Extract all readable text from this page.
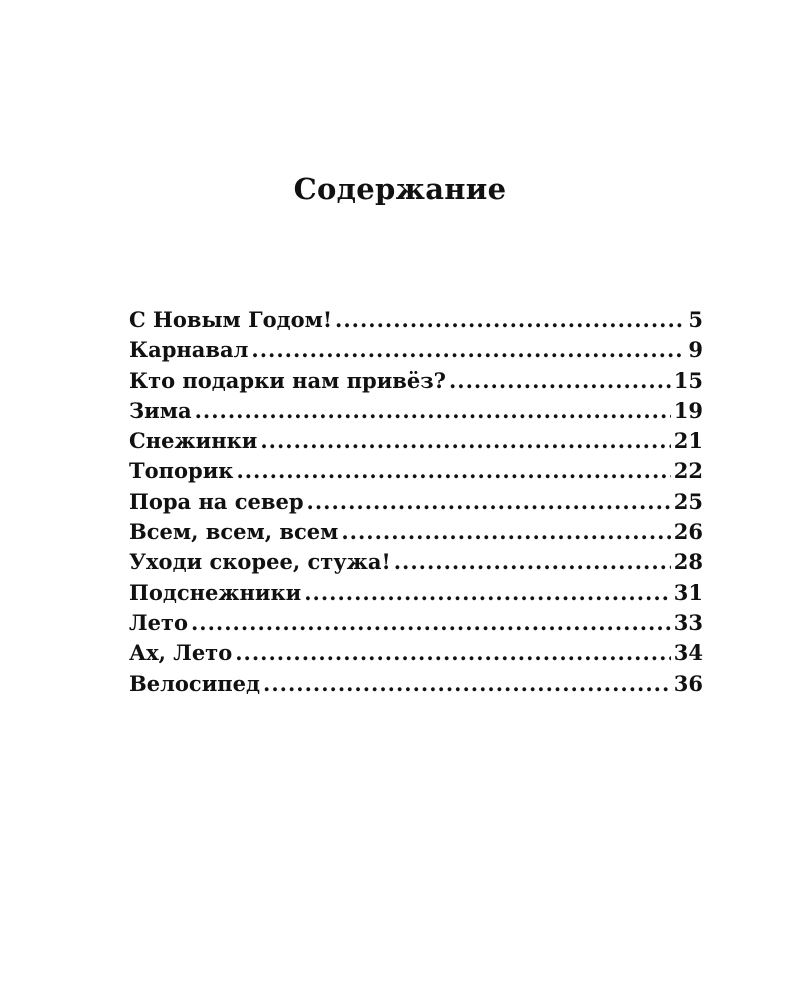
Содержание
С Новым Годом! .....	5
Карнавал .....	9
Кто подарки нам привёз? .....	15
Зима .....	19
Снежинки .....	21
Топорик .....	22
Пора на север .....	25
Всем, всем, всем .....	26
Уходи скорее, стужа! .....	28
Подснежники .....	31
Лето .....	33
Ах, Лето .....	34
Велосипед .....	36
